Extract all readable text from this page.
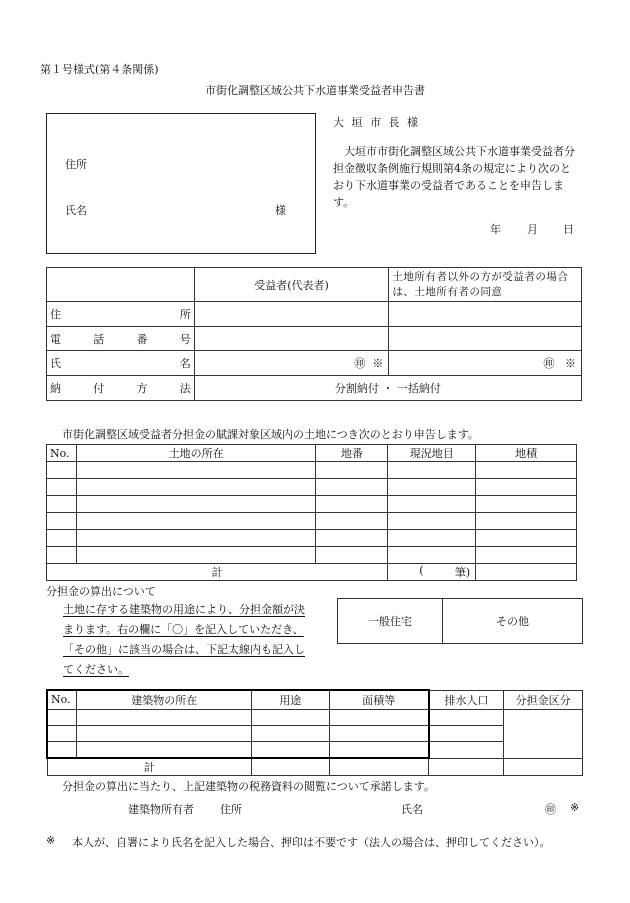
第１号様式(第４条関係)
市街化調整区域公共下水道事業受益者申告書
住所
氏名	様
大 垣 市 長 様
大垣市市街化調整区域公共下水道事業受益者分担金徴収条例施行規則第4条の規定により次のとおり下水道事業の受益者であることを申告します。
年 月 日
	受益者(代表者)	土地所有者以外の方が受益者の場合は、土地所有者の同意

住 所		

電 話 番 号		

氏 名	㊞ ※	㊞ ※

納 付 方 法	分割納付 ・ 一括納付	
市街化調整区域受益者分担金の賦課対象区域内の土地につき次のとおり申告します。
No.	土地の所在	地番	現況地目	地積

計			( 筆)	

分担金の算出について
土地に存する建築物の用途により、分担金額が決
まります。右の欄に「〇」を記入していただき、
「その他」に該当の場合は、下記太線内も記入し
てください。
一般住宅	その他
No.	建築物の所在	用途	面積等	排水人口	分担金区分

計					
分担金の算出に当たり、上記建築物の税務資料の閲覧について承諾します。
建築物所有者 住所	氏名	㊞ ※
※ 本人が、自署により氏名を記入した場合、押印は不要です（法人の場合は、押印してください）。
